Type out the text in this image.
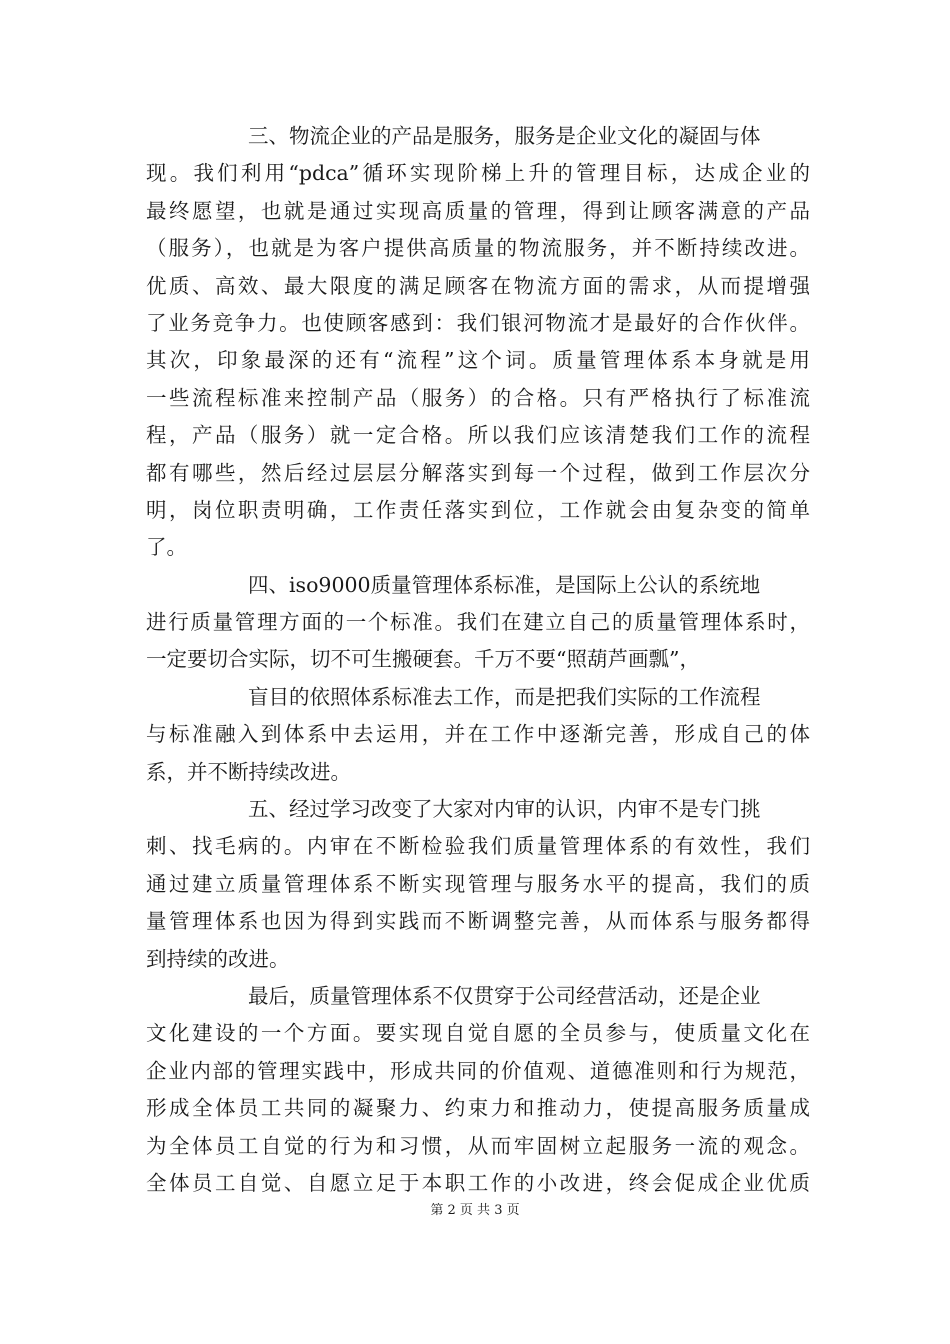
三、物流企业的产品是服务，服务是企业文化的凝固与体
现。我们利用“pdca”循环实现阶梯上升的管理目标，达成企业的
最终愿望，也就是通过实现高质量的管理，得到让顾客满意的产品
（服务），也就是为客户提供高质量的物流服务，并不断持续改进。
优质、高效、最大限度的满足顾客在物流方面的需求，从而提增强
了业务竞争力。也使顾客感到：我们银河物流才是最好的合作伙伴。
其次，印象最深的还有“流程”这个词。质量管理体系本身就是用
一些流程标准来控制产品（服务）的合格。只有严格执行了标准流
程，产品（服务）就一定合格。所以我们应该清楚我们工作的流程
都有哪些，然后经过层层分解落实到每一个过程，做到工作层次分
明，岗位职责明确，工作责任落实到位，工作就会由复杂变的简单
了。
四、iso9000质量管理体系标准，是国际上公认的系统地
进行质量管理方面的一个标准。我们在建立自己的质量管理体系时，
一定要切合实际，切不可生搬硬套。千万不要“照葫芦画瓢”，
盲目的依照体系标准去工作，而是把我们实际的工作流程
与标准融入到体系中去运用，并在工作中逐渐完善，形成自己的体
系，并不断持续改进。
五、经过学习改变了大家对内审的认识，内审不是专门挑
刺、找毛病的。内审在不断检验我们质量管理体系的有效性，我们
通过建立质量管理体系不断实现管理与服务水平的提高，我们的质
量管理体系也因为得到实践而不断调整完善，从而体系与服务都得
到持续的改进。
最后，质量管理体系不仅贯穿于公司经营活动，还是企业
文化建设的一个方面。要实现自觉自愿的全员参与，使质量文化在
企业内部的管理实践中，形成共同的价值观、道德准则和行为规范，
形成全体员工共同的凝聚力、约束力和推动力，使提高服务质量成
为全体员工自觉的行为和习惯，从而牢固树立起服务一流的观念。
全体员工自觉、自愿立足于本职工作的小改进，终会促成企业优质
第 2 页 共 3 页
